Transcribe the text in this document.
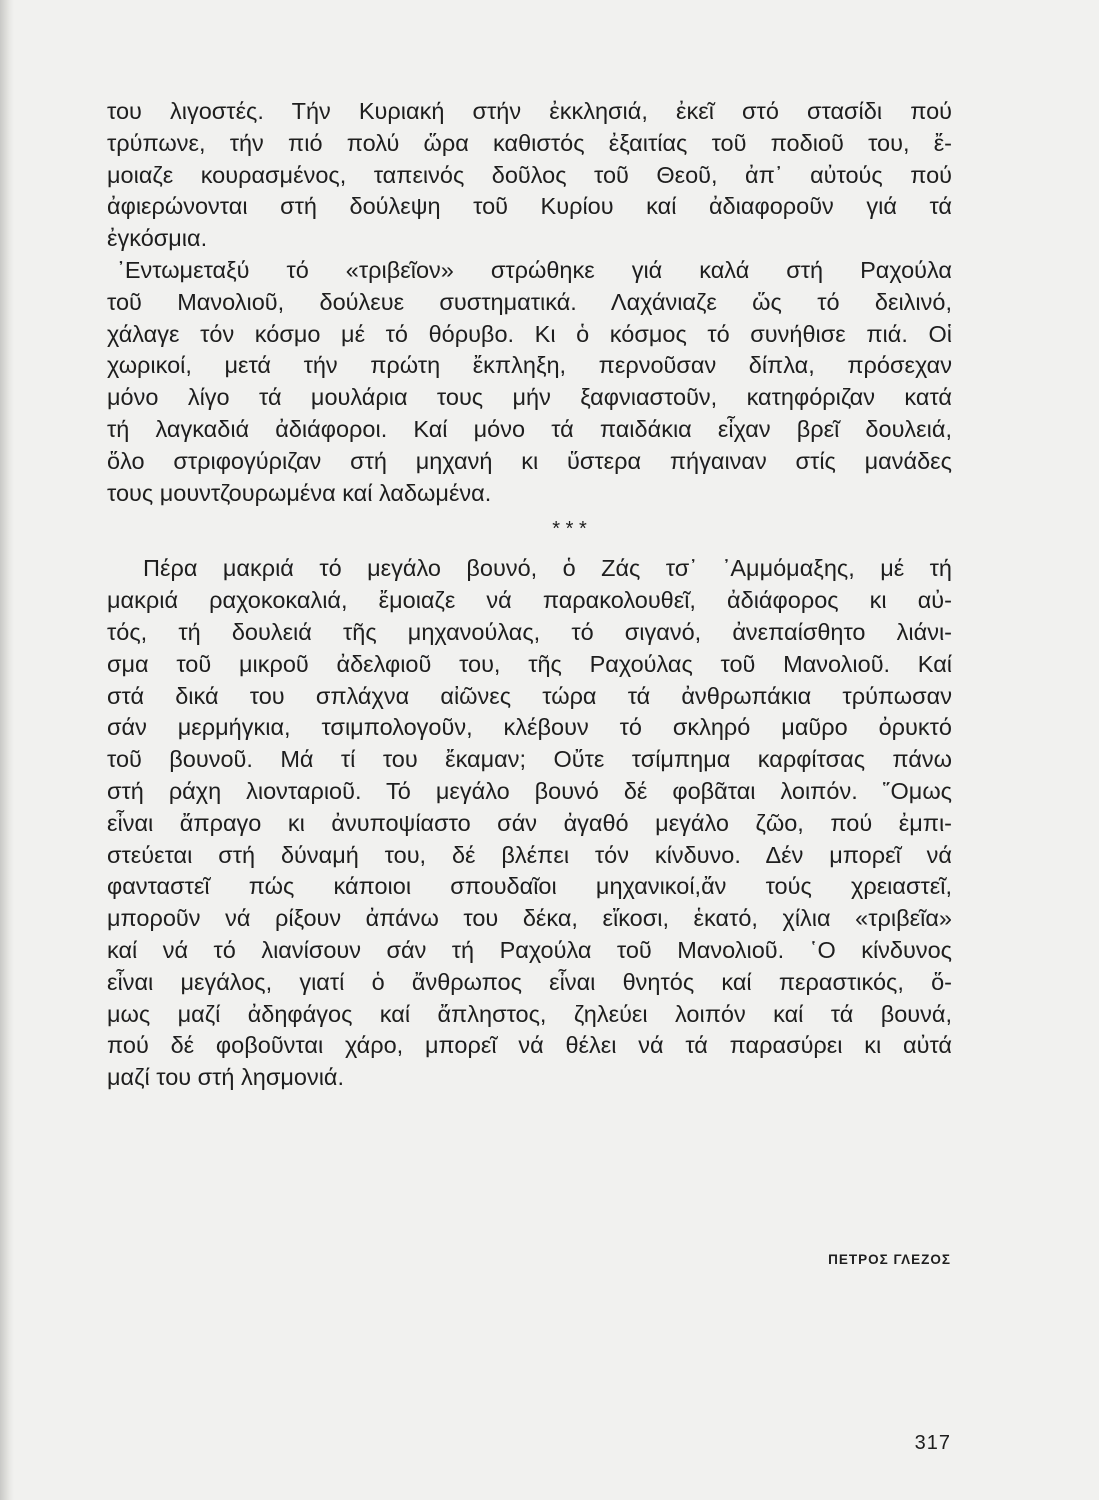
του λιγοστές. Τήν Κυριακή στήν ἐκκλησιά, ἐκεῖ στό στασίδι πού
τρύπωνε, τήν πιό πολύ ὥρα καθιστός ἐξαιτίας τοῦ ποδιοῦ του, ἔ-
μοιαζε κουρασμένος, ταπεινός δοῦλος τοῦ Θεοῦ, ἀπ᾽ αὐτούς πού
ἀφιερώνονται στή δούλεψη τοῦ Κυρίου καί ἀδιαφοροῦν γιά τά
ἐγκόσμια.
᾽Εντωμεταξύ τό «τριβεῖον» στρώθηκε γιά καλά στή Ραχούλα
τοῦ Μανολιοῦ, δούλευε συστηματικά. Λαχάνιαζε ὥς τό δειλινό,
χάλαγε τόν κόσμο μέ τό θόρυβο. Κι ὁ κόσμος τό συνήθισε πιά. Οἱ
χωρικοί, μετά τήν πρώτη ἔκπληξη, περνοῦσαν δίπλα, πρόσεχαν
μόνο λίγο τά μουλάρια τους μήν ξαφνιαστοῦν, κατηφόριζαν κατά
τή λαγκαδιά ἀδιάφοροι. Καί μόνο τά παιδάκια εἶχαν βρεῖ δουλειά,
ὅλο στριφογύριζαν στή μηχανή κι ὕστερα πήγαιναν στίς μανάδες
τους μουντζουρωμένα καί λαδωμένα.
* * *
Πέρα μακριά τό μεγάλο βουνό, ὁ Ζάς τσ᾽ ᾽Αμμόμαξης, μέ τή
μακριά ραχοκοκαλιά, ἔμοιαζε νά παρακολουθεῖ, ἀδιάφορος κι αὐ-
τός, τή δουλειά τῆς μηχανούλας, τό σιγανό, ἀνεπαίσθητο λιάνι-
σμα τοῦ μικροῦ ἀδελφιοῦ του, τῆς Ραχούλας τοῦ Μανολιοῦ. Καί
στά δικά του σπλάχνα αἰῶνες τώρα τά ἀνθρωπάκια τρύπωσαν
σάν μερμήγκια, τσιμπολογοῦν, κλέβουν τό σκληρό μαῦρο ὀρυκτό
τοῦ βουνοῦ. Μά τί του ἔκαμαν; Οὔτε τσίμπημα καρφίτσας πάνω
στή ράχη λιονταριοῦ. Τό μεγάλο βουνό δέ φοβᾶται λοιπόν. ῞Ομως
εἶναι ἄπραγο κι ἀνυποψίαστο σάν ἀγαθό μεγάλο ζῶο, πού ἐμπι-
στεύεται στή δύναμή του, δέ βλέπει τόν κίνδυνο. Δέν μπορεῖ νά
φανταστεῖ πώς κάποιοι σπουδαῖοι μηχανικοί,ἄν τούς χρειαστεῖ,
μποροῦν νά ρίξουν ἀπάνω του δέκα, εἴκοσι, ἑκατό, χίλια «τριβεῖα»
καί νά τό λιανίσουν σάν τή Ραχούλα τοῦ Μανολιοῦ. ῾Ο κίνδυνος
εἶναι μεγάλος, γιατί ὁ ἄνθρωπος εἶναι θνητός καί περαστικός, ὅ-
μως μαζί ἀδηφάγος καί ἄπληστος, ζηλεύει λοιπόν καί τά βουνά,
πού δέ φοβοῦνται χάρο, μπορεῖ νά θέλει νά τά παρασύρει κι αὐτά
μαζί του στή λησμονιά.
ΠΕΤΡΟΣ ΓΛΕΖΟΣ
317
